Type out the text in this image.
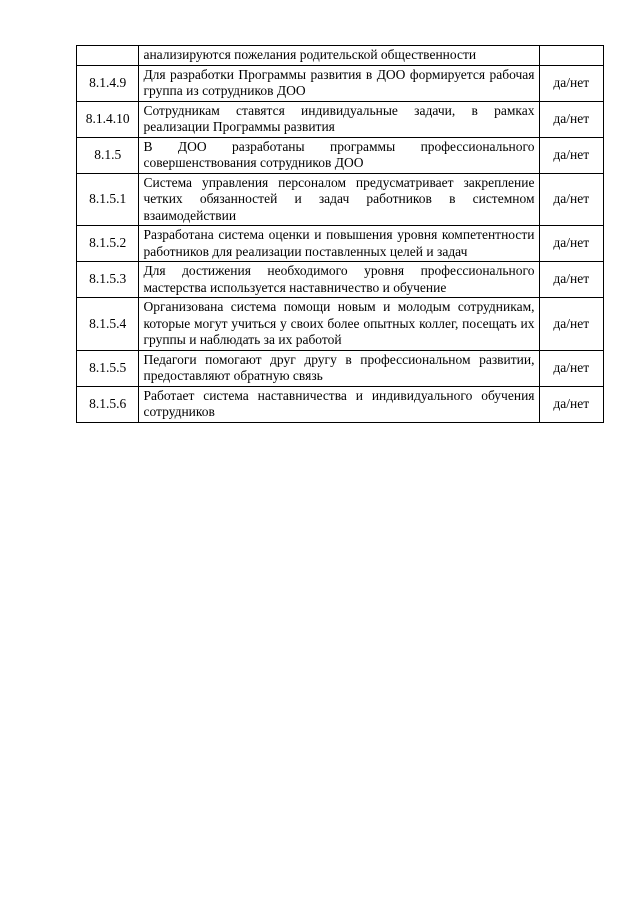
	анализируются пожелания родительской общественности	
8.1.4.9	Для разработки Программы развития в ДОО формируется рабочая группа из сотрудников ДОО	да/нет
8.1.4.10	Сотрудникам ставятся индивидуальные задачи, в рамках реализации Программы развития	да/нет
8.1.5	В ДОО разработаны программы профессионального совершенствования сотрудников ДОО	да/нет
8.1.5.1	Система управления персоналом предусматривает закрепление четких обязанностей и задач работников в системном взаимодействии	да/нет
8.1.5.2	Разработана система оценки и повышения уровня компетентности работников для реализации поставленных целей и задач	да/нет
8.1.5.3	Для достижения необходимого уровня профессионального мастерства используется наставничество и обучение	да/нет
8.1.5.4	Организована система помощи новым и молодым сотрудникам, которые могут учиться у своих более опытных коллег, посещать их группы и наблюдать за их работой	да/нет
8.1.5.5	Педагоги помогают друг другу в профессиональном развитии, предоставляют обратную связь	да/нет
8.1.5.6	Работает система наставничества и индивидуального обучения сотрудников	да/нет
